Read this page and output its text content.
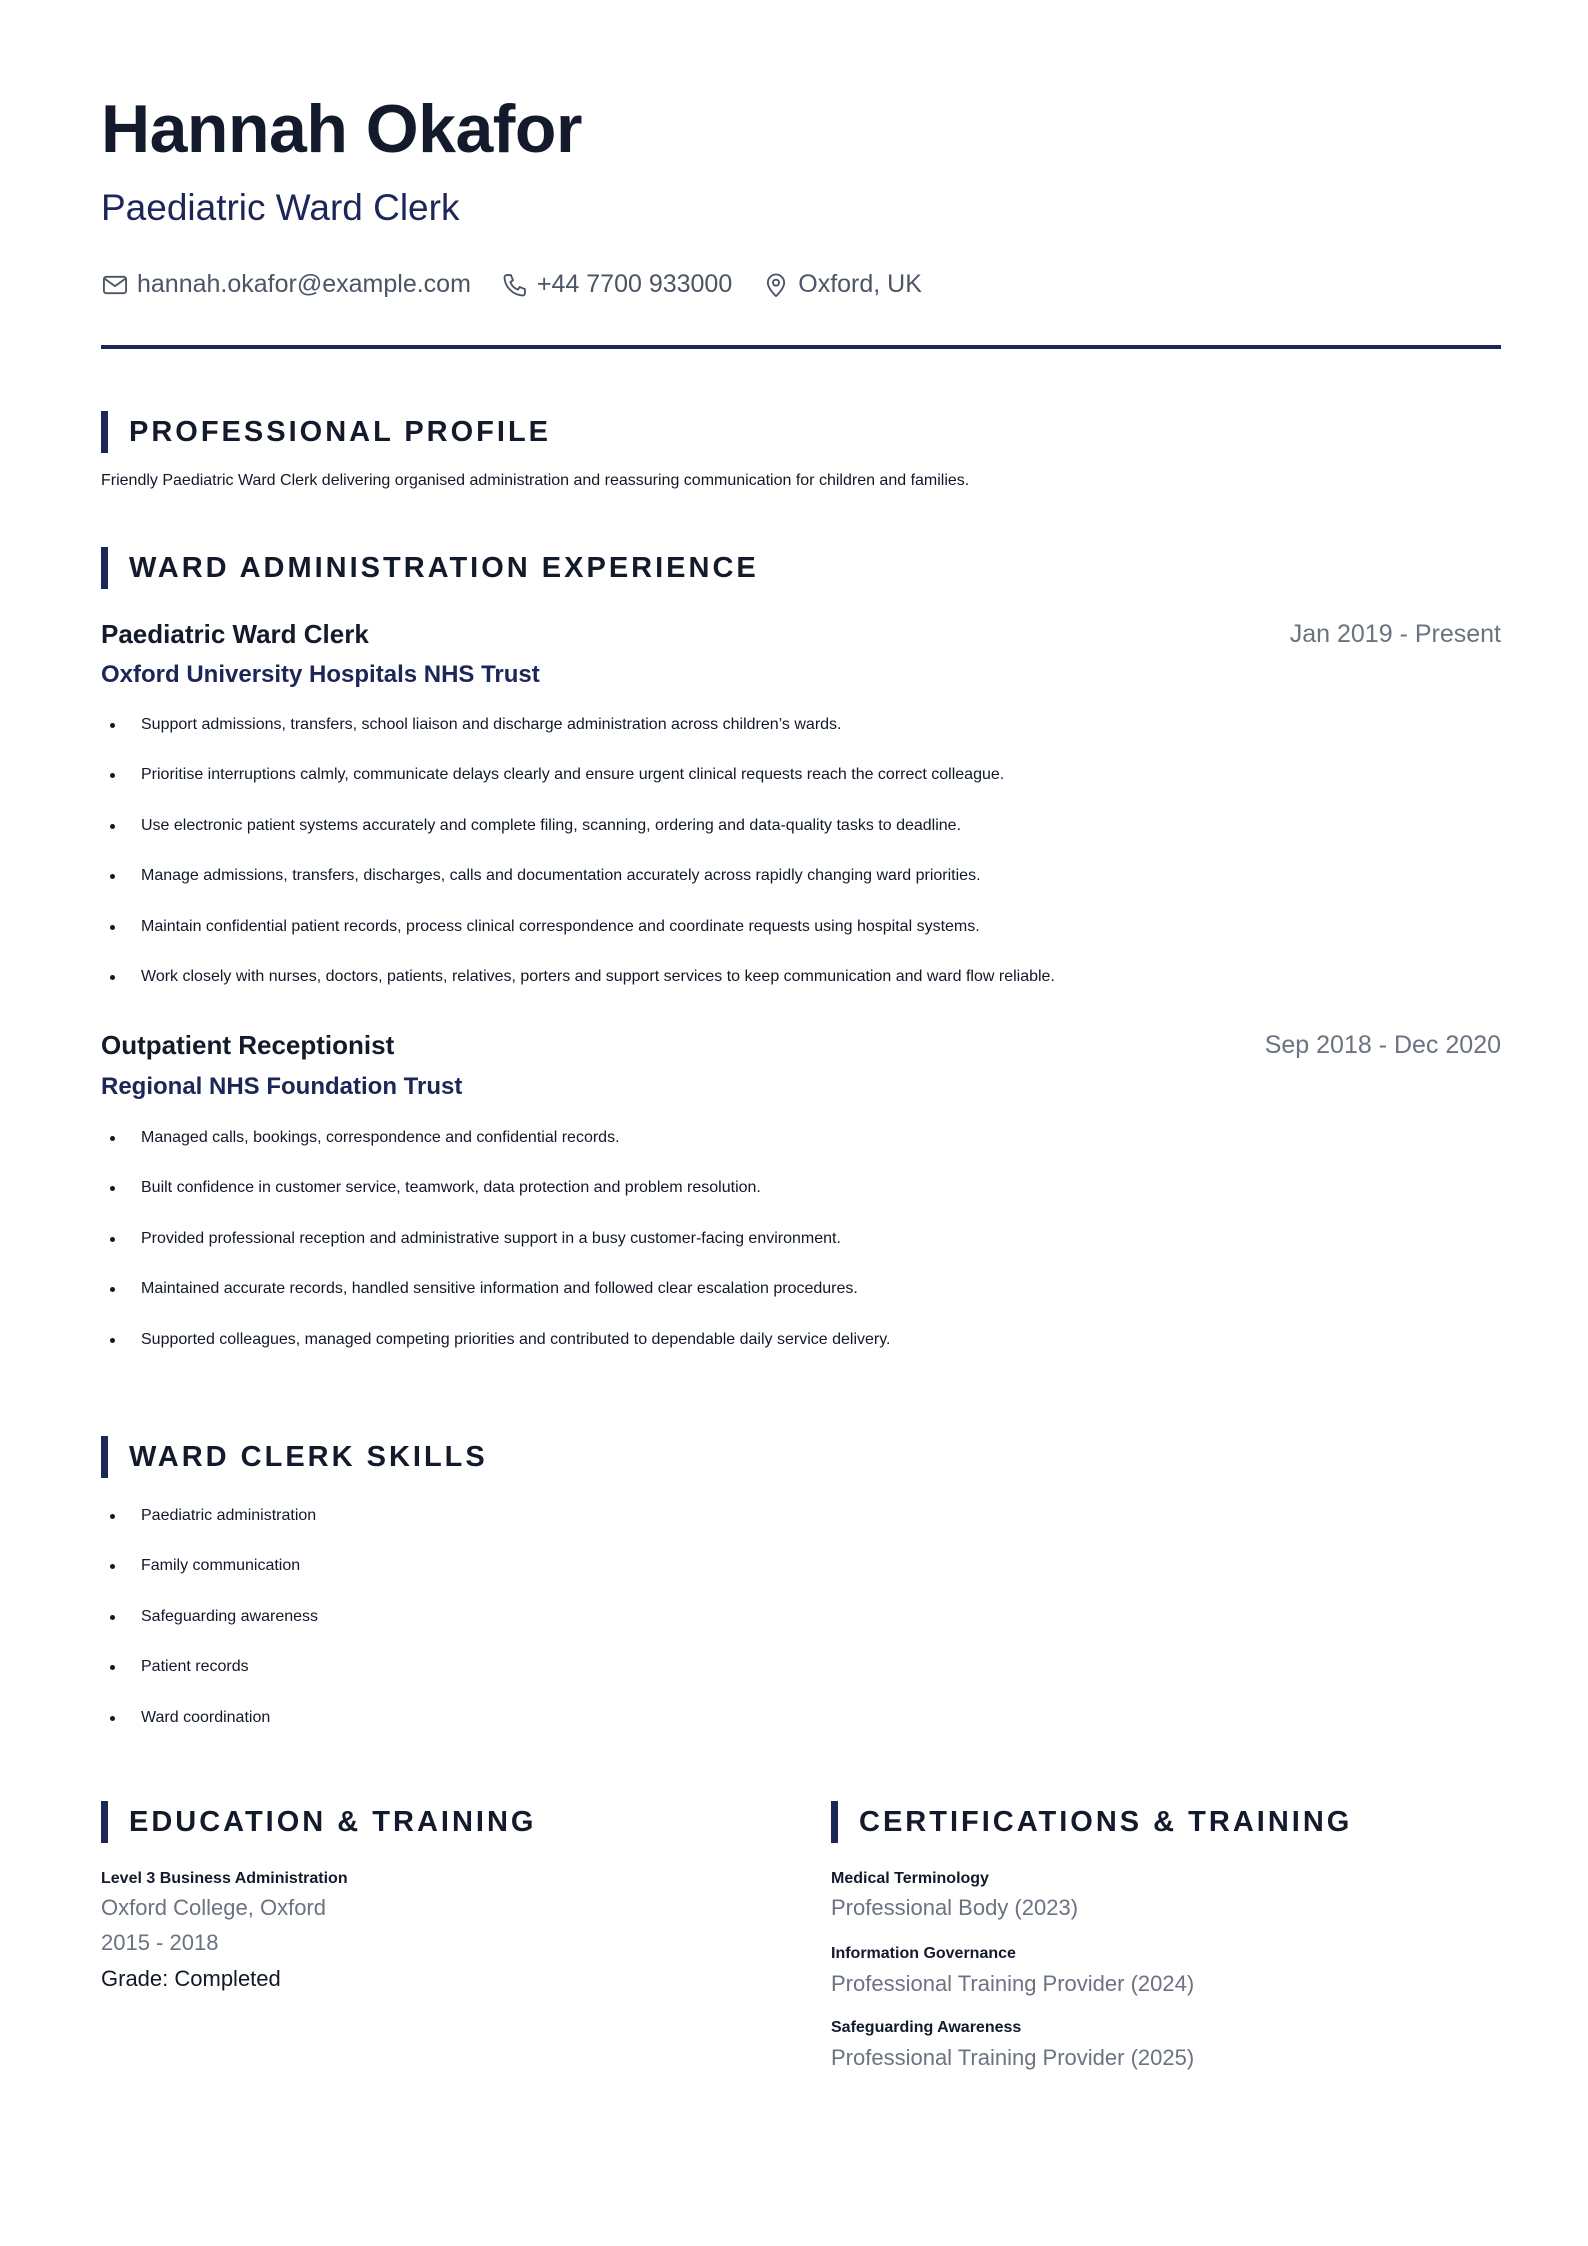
Hannah Okafor
Paediatric Ward Clerk
hannah.okafor@example.com	+44 7700 933000	Oxford, UK
PROFESSIONAL PROFILE
Friendly Paediatric Ward Clerk delivering organised administration and reassuring communication for children and families.
WARD ADMINISTRATION EXPERIENCE
Paediatric Ward Clerk	Jan 2019 - Present
Oxford University Hospitals NHS Trust
Support admissions, transfers, school liaison and discharge administration across children’s wards.
Prioritise interruptions calmly, communicate delays clearly and ensure urgent clinical requests reach the correct colleague.
Use electronic patient systems accurately and complete filing, scanning, ordering and data-quality tasks to deadline.
Manage admissions, transfers, discharges, calls and documentation accurately across rapidly changing ward priorities.
Maintain confidential patient records, process clinical correspondence and coordinate requests using hospital systems.
Work closely with nurses, doctors, patients, relatives, porters and support services to keep communication and ward flow reliable.
Outpatient Receptionist	Sep 2018 - Dec 2020
Regional NHS Foundation Trust
Managed calls, bookings, correspondence and confidential records.
Built confidence in customer service, teamwork, data protection and problem resolution.
Provided professional reception and administrative support in a busy customer-facing environment.
Maintained accurate records, handled sensitive information and followed clear escalation procedures.
Supported colleagues, managed competing priorities and contributed to dependable daily service delivery.
WARD CLERK SKILLS
Paediatric administration
Family communication
Safeguarding awareness
Patient records
Ward coordination
EDUCATION & TRAINING
Level 3 Business Administration
Oxford College, Oxford
2015 - 2018
Grade: Completed
CERTIFICATIONS & TRAINING
Medical Terminology
Professional Body (2023)
Information Governance
Professional Training Provider (2024)
Safeguarding Awareness
Professional Training Provider (2025)
